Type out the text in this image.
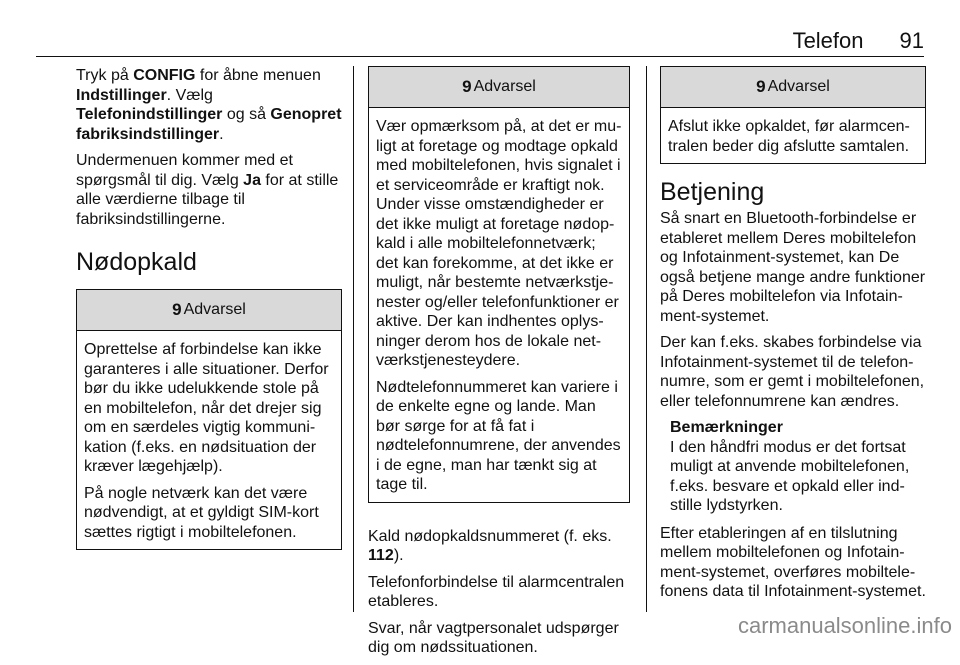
Telefon 91

Tryk på CONFIG for åbne menuen Indstillinger. Vælg Telefonindstillinger og så Genopret fabriksindstillinger.

Undermenuen kommer med et spørgsmål til dig. Vælg Ja for at stille alle værdierne tilbage til fabriksindstillingerne.

Nødopkald
9 Advarsel

Oprettelse af forbindelse kan ikke garanteres i alle situationer. Derfor bør du ikke udelukkende stole på en mobiltelefon, når det drejer sig om en særdeles vigtig kommunikation (f.eks. en nødsituation der kræver lægehjælp).

På nogle netværk kan det være nødvendigt, at et gyldigt SIM-kort sættes rigtigt i mobiltelefonen.

9 Advarsel

Vær opmærksom på, at det er muligt at foretage og modtage opkald med mobiltelefonen, hvis signalet i et serviceområde er kraftigt nok. Under visse omstændigheder er det ikke muligt at foretage nødopkald i alle mobiltelefonnetværk; det kan forekomme, at det ikke er muligt, når bestemte netværkstjenester og/eller telefonfunktioner er aktive. Der kan indhentes oplysninger derom hos de lokale netværkstjenesteydere.

Nødtelefonnummeret kan variere i de enkelte egne og lande. Man bør sørge for at få fat i nødtelefonnumrene, der anvendes i de egne, man har tænkt sig at tage til.

Kald nødopkaldsnummeret (f. eks. 112).

Telefonforbindelse til alarmcentralen etableres.

Svar, når vagtpersonalet udspørger dig om nødssituationen.

9 Advarsel

Afslut ikke opkaldet, før alarmcentralen beder dig afslutte samtalen.

Betjening

Så snart en Bluetooth-forbindelse er etableret mellem Deres mobiltelefon og Infotainment-systemet, kan De også betjene mange andre funktioner på Deres mobiltelefon via Infotainment-systemet.

Der kan f.eks. skabes forbindelse via Infotainment-systemet til de telefonnumre, som er gemt i mobiltelefonen, eller telefonnumrene kan ændres.

Bemærkninger
I den håndfri modus er det fortsat muligt at anvende mobiltelefonen, f.eks. besvare et opkald eller indstille lydstyrken.

Efter etableringen af en tilslutning mellem mobiltelefonen og Infotainment-systemet, overføres mobiltelefonens data til Infotainment-systemet.

carmanualsonline.info
